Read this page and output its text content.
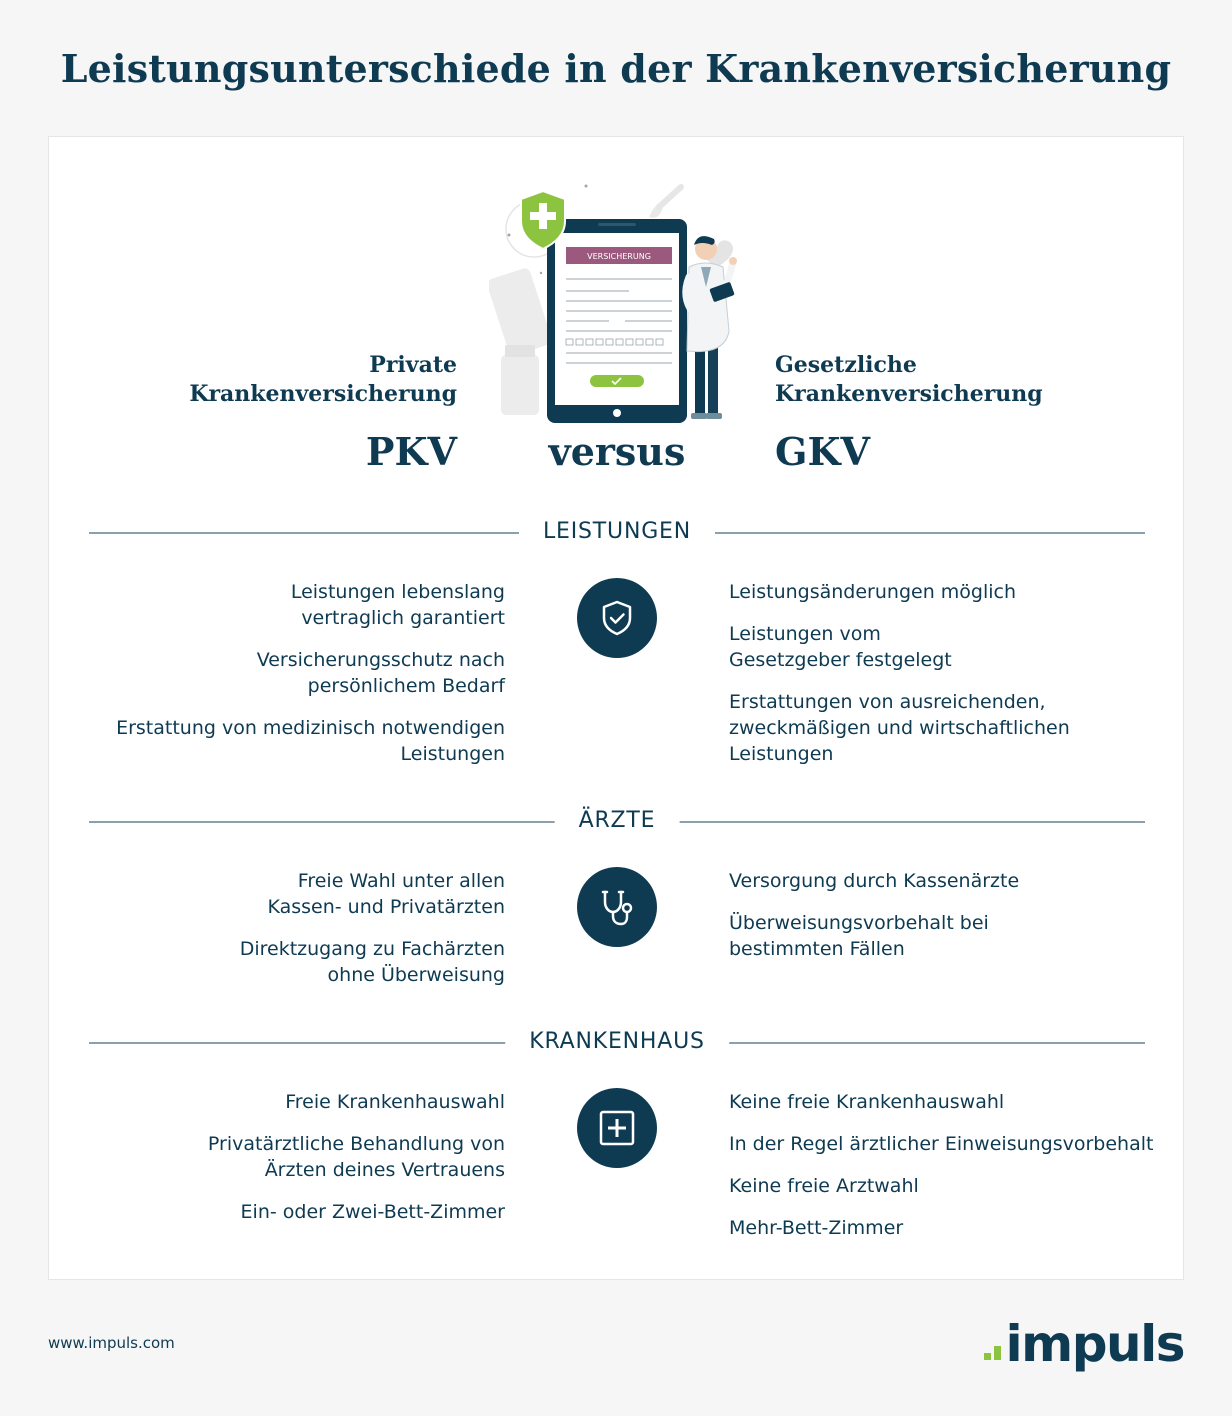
Leistungsunterschiede in der Krankenversicherung
VERSICHERUNG
Private
Krankenversicherung
Gesetzliche
Krankenversicherung
PKV	versus	GKV
LEISTUNGEN

Leistungen lebenslang
vertraglich garantiert

Versicherungsschutz nach
persönlichem Bedarf

Erstattung von medizinisch notwendigen
Leistungen

Leistungsänderungen möglich

Leistungen vom
Gesetzgeber festgelegt

Erstattungen von ausreichenden,
zweckmäßigen und wirtschaftlichen
Leistungen

ÄRZTE

Freie Wahl unter allen
Kassen- und Privatärzten

Direktzugang zu Fachärzten
ohne Überweisung

Versorgung durch Kassenärzte

Überweisungsvorbehalt bei
bestimmten Fällen

KRANKENHAUS

Freie Krankenhauswahl

Privatärztliche Behandlung von
Ärzten deines Vertrauens

Ein- oder Zwei-Bett-Zimmer

Keine freie Krankenhauswahl

In der Regel ärztlicher Einweisungsvorbehalt

Keine freie Arztwahl

Mehr-Bett-Zimmer

www.impuls.com	impuls
